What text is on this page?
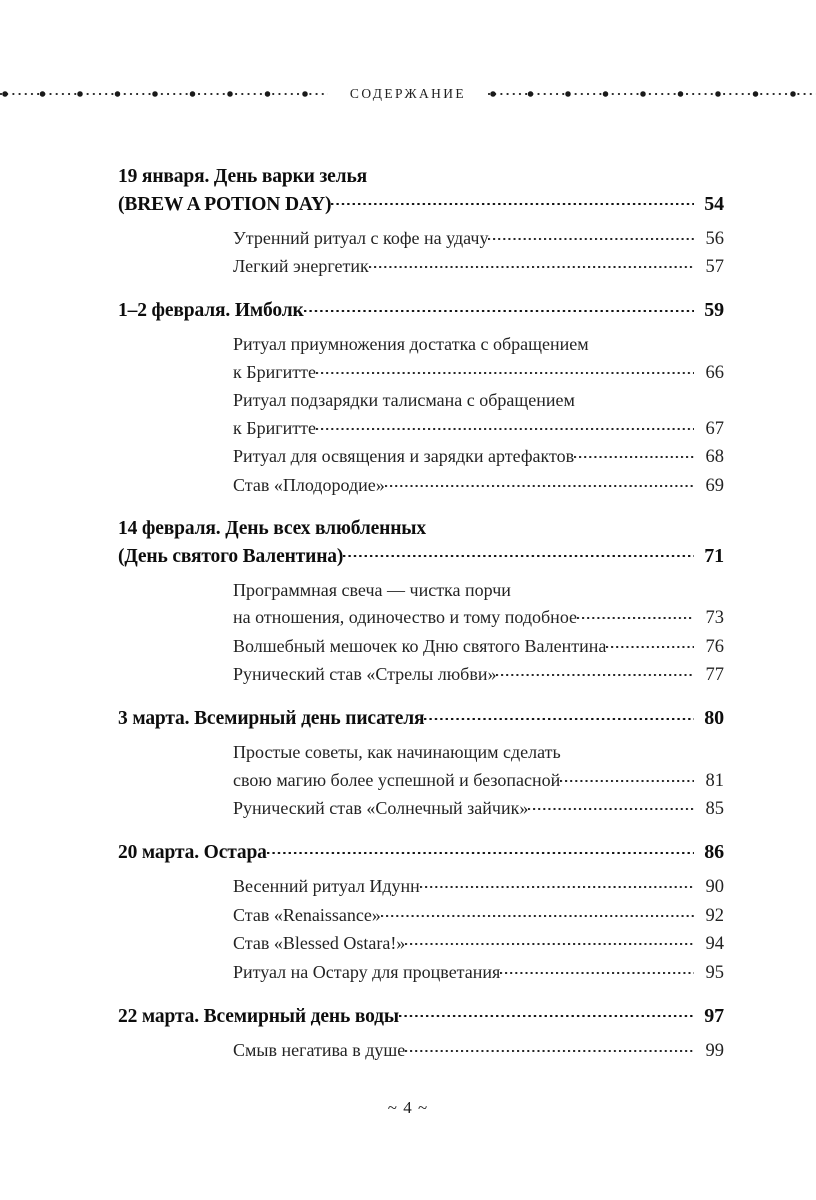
СОДЕРЖАНИЕ
19 января. День варки зелья
(BREW A POTION DAY)	54
Утренний ритуал с кофе на удачу	56
Легкий энергетик	57
1–2 февраля. Имболк	59
Ритуал приумножения достатка с обращением
к Бригитте	66
Ритуал подзарядки талисмана с обращением
к Бригитте	67
Ритуал для освящения и зарядки артефактов	68
Став «Плодородие»	69
14 февраля. День всех влюбленных
(День святого Валентина)	71
Программная свеча — чистка порчи
на отношения, одиночество и тому подобное	73
Волшебный мешочек ко Дню святого Валентина	76
Рунический став «Стрелы любви»	77
3 марта. Всемирный день писателя	80
Простые советы, как начинающим сделать
свою магию более успешной и безопасной	81
Рунический став «Солнечный зайчик»	85
20 марта. Остара	86
Весенний ритуал Идунн	90
Став «Renaissance»	92
Став «Blessed Ostara!»	94
Ритуал на Остару для процветания	95
22 марта. Всемирный день воды	97
Смыв негатива в душе	99
~ 4 ~
